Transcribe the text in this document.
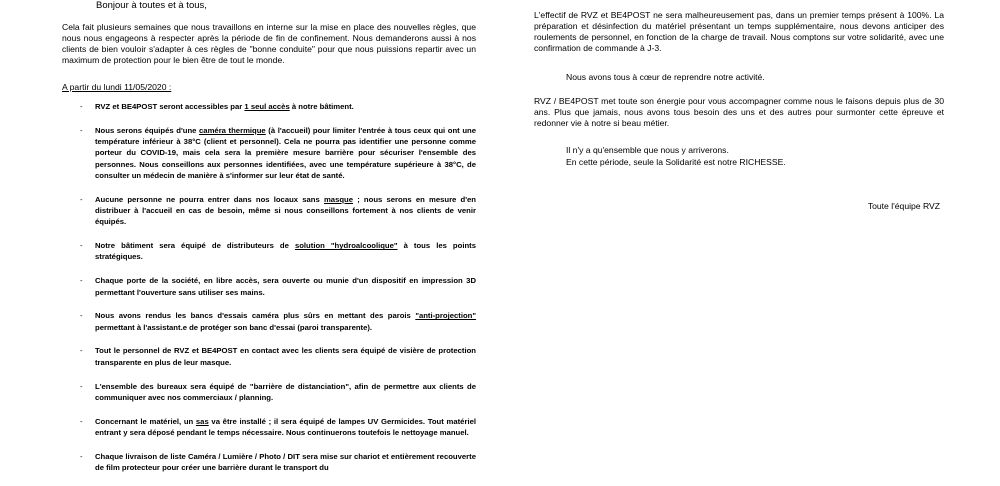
Bonjour à toutes et à tous,

Cela fait plusieurs semaines que nous travaillons en interne sur la mise en place des nouvelles règles, que nous nous engageons à respecter après la période de fin de confinement. Nous demanderons aussi à nos clients de bien vouloir s'adapter à ces règles de "bonne conduite" pour que nous puissions repartir avec un maximum de protection pour le bien être de tout le monde.

A partir du lundi 11/05/2020 :

- RVZ et BE4POST seront accessibles par 1 seul accès à notre bâtiment.
- Nous serons équipés d'une caméra thermique (à l'accueil) pour limiter l'entrée à tous ceux qui ont une température inférieur à 38°C (client et personnel). Cela ne pourra pas identifier une personne comme porteur du COVID-19, mais cela sera la première mesure barrière pour sécuriser l'ensemble des personnes. Nous conseillons aux personnes identifiées, avec une température supérieure à 38°C, de consulter un médecin de manière à s'informer sur leur état de santé.
- Aucune personne ne pourra entrer dans nos locaux sans masque ; nous serons en mesure d'en distribuer à l'accueil en cas de besoin, même si nous conseillons fortement à nos clients de venir équipés.
- Notre bâtiment sera équipé de distributeurs de solution "hydroalcoolique" à tous les points stratégiques.
- Chaque porte de la société, en libre accès, sera ouverte ou munie d'un dispositif en impression 3D permettant l'ouverture sans utiliser ses mains.
- Nous avons rendus les bancs d'essais caméra plus sûrs en mettant des parois "anti-projection" permettant à l'assistant.e de protéger son banc d'essai (paroi transparente).
- Tout le personnel de RVZ et BE4POST en contact avec les clients sera équipé de visière de protection transparente en plus de leur masque.
- L'ensemble des bureaux sera équipé de "barrière de distanciation", afin de permettre aux clients de communiquer avec nos commerciaux / planning.
- Concernant le matériel, un sas va être installé ; il sera équipé de lampes UV Germicides. Tout matériel entrant y sera déposé pendant le temps nécessaire. Nous continuerons toutefois le nettoyage manuel.
- Chaque livraison de liste Caméra / Lumière / Photo / DIT sera mise sur chariot et entièrement recouverte de film protecteur pour créer une barrière durant le transport du

L'effectif de RVZ et BE4POST ne sera malheureusement pas, dans un premier temps présent à 100%. La préparation et désinfection du matériel présentant un temps supplémentaire, nous devons anticiper des roulements de personnel, en fonction de la charge de travail. Nous comptons sur votre solidarité, avec une confirmation de commande à J-3.

Nous avons tous à cœur de reprendre notre activité.

RVZ / BE4POST met toute son énergie pour vous accompagner comme nous le faisons depuis plus de 30 ans. Plus que jamais, nous avons tous besoin des uns et des autres pour surmonter cette épreuve et redonner vie à notre si beau métier.

Il n'y a qu'ensemble que nous y arriverons.

En cette période, seule la Solidarité est notre RICHESSE.

Toute l'équipe RVZ
